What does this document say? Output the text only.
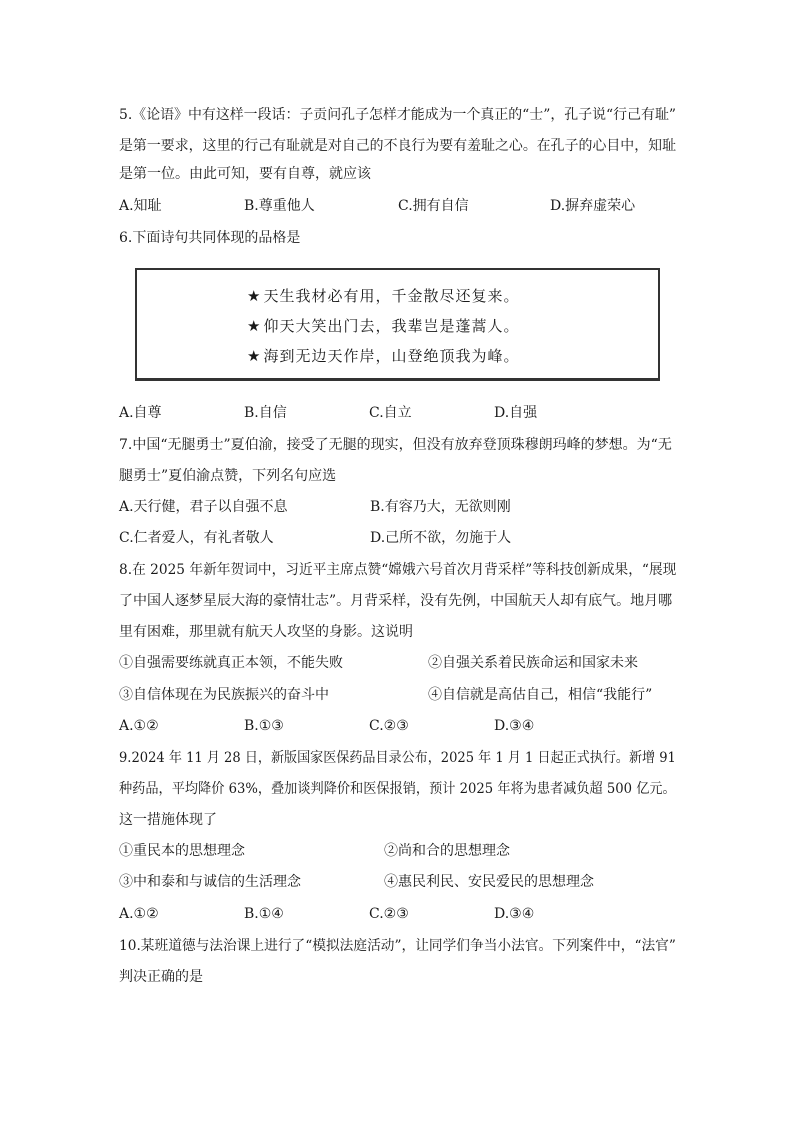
5.《论语》中有这样一段话：子贡问孔子怎样才能成为一个真正的“士”，孔子说“行己有耻”
是第一要求，这里的行己有耻就是对自己的不良行为要有羞耻之心。在孔子的心目中，知耻
是第一位。由此可知，要有自尊，就应该
A.知耻	B.尊重他人	C.拥有自信	D.摒弃虚荣心
6.下面诗句共同体现的品格是
★ 天生我材必有用，千金散尽还复来。
★ 仰天大笑出门去，我辈岂是蓬蒿人。
★ 海到无边天作岸，山登绝顶我为峰。
A.自尊	B.自信	C.自立	D.自强
7.中国“无腿勇士”夏伯渝，接受了无腿的现实，但没有放弃登顶珠穆朗玛峰的梦想。为“无
腿勇士”夏伯渝点赞，下列名句应选
A.天行健，君子以自强不息	B.有容乃大，无欲则刚
C.仁者爱人，有礼者敬人	D.己所不欲，勿施于人
8.在 2025 年新年贺词中，习近平主席点赞“嫦娥六号首次月背采样”等科技创新成果，“展现
了中国人逐梦星辰大海的豪情壮志”。月背采样，没有先例，中国航天人却有底气。地月哪
里有困难，那里就有航天人攻坚的身影。这说明
①自强需要练就真正本领，不能失败	②自强关系着民族命运和国家未来
③自信体现在为民族振兴的奋斗中	④自信就是高估自己，相信“我能行”
A.①②	B.①③	C.②③	D.③④
9.2024 年 11 月 28 日，新版国家医保药品目录公布，2025 年 1 月 1 日起正式执行。新增 91
种药品，平均降价 63%，叠加谈判降价和医保报销，预计 2025 年将为患者减负超 500 亿元。
这一措施体现了
①重民本的思想理念	②尚和合的思想理念
③中和泰和与诚信的生活理念	④惠民利民、安民爱民的思想理念
A.①②	B.①④	C.②③	D.③④
10.某班道德与法治课上进行了“模拟法庭活动”，让同学们争当小法官。下列案件中，“法官”
判决正确的是
